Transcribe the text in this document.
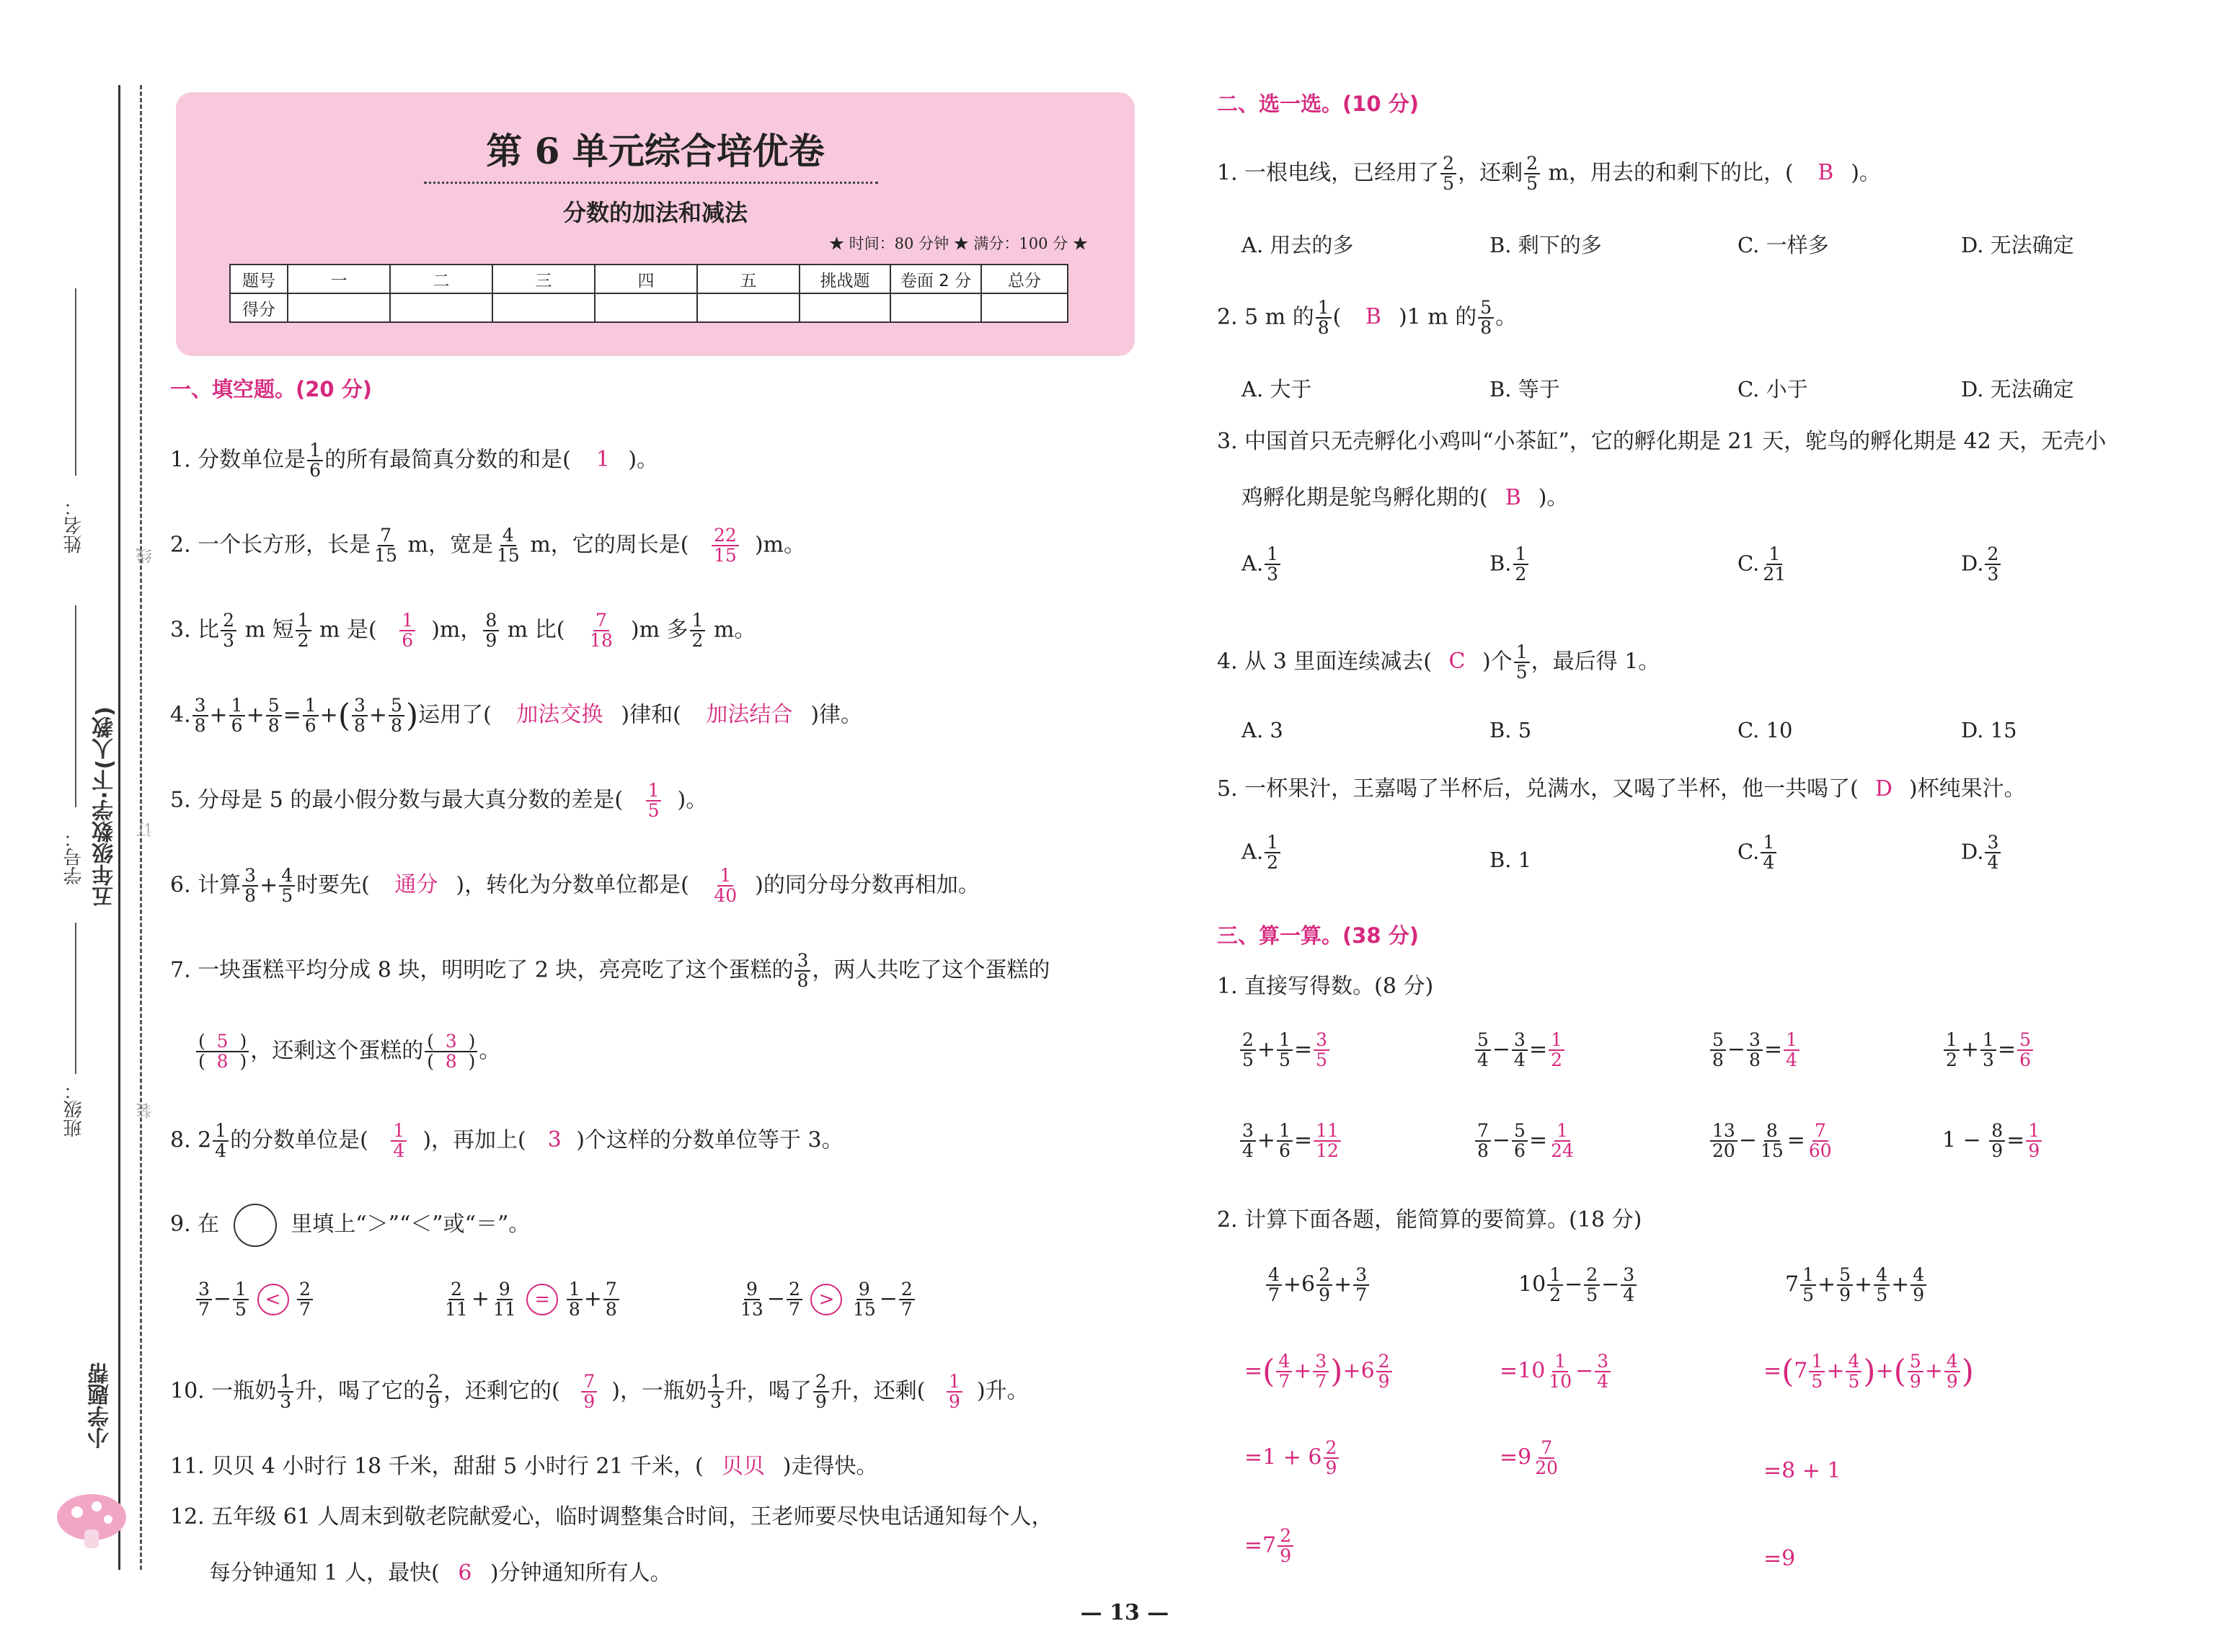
姓名：
学号：
班级：
五年级数学·下(人教)
线
订
装
小学题帮
第 6 单元综合培优卷
分数的加法和减法
★ 时间：80 分钟 ★ 满分：100 分 ★
题号	一	二	三	四	五	挑战题	卷面 2 分	总分
得分								
一、填空题。(20 分)
1. 分数单位是 $\frac{1}{6}$ 的所有最简真分数的和是( 1 )。
2. 一个长方形，长是 $\frac{7}{15}$ m，宽是 $\frac{4}{15}$ m，它的周长是( $\frac{22}{15} )m$。
3. 比 $\frac{2}{3}$ m 短 $\frac{1}{2}$ m 是( $\frac{1}{6} )m$， $\frac{8}{9}$ m 比( $\frac{7}{18} )m$ 多 $\frac{1}{2}$ m。
4. $\frac{3}{8} + \frac{1}{6} + \frac{5}{8} = \frac{1}{6}$ +( $\frac{3}{8} + \frac{5}{8}$ )运用了( 加法交换 )律和( 加法结合 )律。
5. 分母是 5 的最小假分数与最大真分数的差是( $\frac{1}{5}$ )。
6. 计算 $\frac{3}{8} + \frac{4}{5}$ 时要先( 通分 )，转化为分数单位都是( $\frac{1}{40}$ )的同分母分数再相加。
7. 一块蛋糕平均分成 8 块，明明吃了 2 块，亮亮吃了这个蛋糕的 $\frac{3}{8}$ ，两人共吃了这个蛋糕的
$\frac{( 5 )}{( 8 )}$ ，还剩这个蛋糕的 $\frac{( 3 )}{( 8 )}$ 。
8. $2 \frac{1}{4}$ 的分数单位是( $\frac{1}{4}$ )，再加上( 3 )个这样的分数单位等于 3。
9. 在	里填上“＞”“＜”或“＝”。
$\frac{3}{7} - \frac{1}{5} < \frac{2}{7}$	$\frac{2}{11} + \frac{9}{11} = \frac{1}{8} + \frac{7}{8}$	$\frac{9}{13} - \frac{2}{7} > \frac{9}{15} - \frac{2}{7}$
10. 一瓶奶 $\frac{1}{3}$ 升，喝了它的 $\frac{2}{9}$ ，还剩它的( $\frac{7}{9}$ )，一瓶奶 $\frac{1}{3}$ 升，喝了 $\frac{2}{9}$ 升，还剩( $\frac{1}{9}$ )升。
11. 贝贝 4 小时行 18 千米，甜甜 5 小时行 21 千米，( 贝贝 )走得快。
12. 五年级 61 人周末到敬老院献爱心，临时调整集合时间，王老师要尽快电话通知每个人，
每分钟通知 1 人，最快( 6 )分钟通知所有人。
二、选一选。(10 分)
1. 一根电线，已经用了 $\frac{2}{5}$ ，还剩 $\frac{2}{5}$ m，用去的和剩下的比，( B )。
A. 用去的多	B. 剩下的多	C. 一样多	D. 无法确定
2. 5 m 的 $\frac{1}{8}$ ( B )1 m 的 $\frac{5}{8}$ 。
A. 大于	B. 等于	C. 小于	D. 无法确定
3. 中国首只无壳孵化小鸡叫“小茶缸”，它的孵化期是 21 天，鸵鸟的孵化期是 42 天，无壳小
鸡孵化期是鸵鸟孵化期的( B )。
A. $\frac{1}{3}$	B. $\frac{1}{2}$	C. $\frac{1}{21}$	D. $\frac{2}{3}$
4. 从 3 里面连续减去( C )个 $\frac{1}{5}$ ，最后得 1。
A. 3	B. 5	C. 10	D. 15
5. 一杯果汁，王嘉喝了半杯后，兑满水，又喝了半杯，他一共喝了( D )杯纯果汁。
A. $\frac{1}{2}$	B. 1	C. $\frac{1}{4}$	D. $\frac{3}{4}$
三、算一算。(38 分)
1. 直接写得数。(8 分)
$\frac{2}{5} + \frac{1}{5} = \frac{3}{5}$	$\frac{5}{4} - \frac{3}{4} = \frac{1}{2}$	$\frac{5}{8} - \frac{3}{8} = \frac{1}{4}$	$\frac{1}{2} + \frac{1}{3} = \frac{5}{6}$
$\frac{3}{4} + \frac{1}{6} = \frac{11}{12}$	$\frac{7}{8} - \frac{5}{6} = \frac{1}{24}$	$\frac{13}{20} - \frac{8}{15} = \frac{7}{60}$	$1 - \frac{8}{9} = \frac{1}{9}$
2. 计算下面各题，能简算的要简算。(18 分)
$\frac{4}{7} +6 \frac{2}{9} + \frac{3}{7}$
=( $\frac{4}{7} + \frac{3}{7} )+6 \frac{2}{9}$
$=1 + 6 \frac{2}{9}$
$=7 \frac{2}{9}$
$10 \frac{1}{2} - \frac{2}{5} - \frac{3}{4}$
$=10 \frac{1}{10} - \frac{3}{4}$
$=9 \frac{7}{20}$
$7 \frac{1}{5} + \frac{5}{9} + \frac{4}{5} + \frac{4}{9}$
$=(7 \frac{1}{5} + \frac{4}{5}$ )+( $\frac{5}{9} + \frac{4}{9}$ )
=8 + 1
=9
— 13 —
